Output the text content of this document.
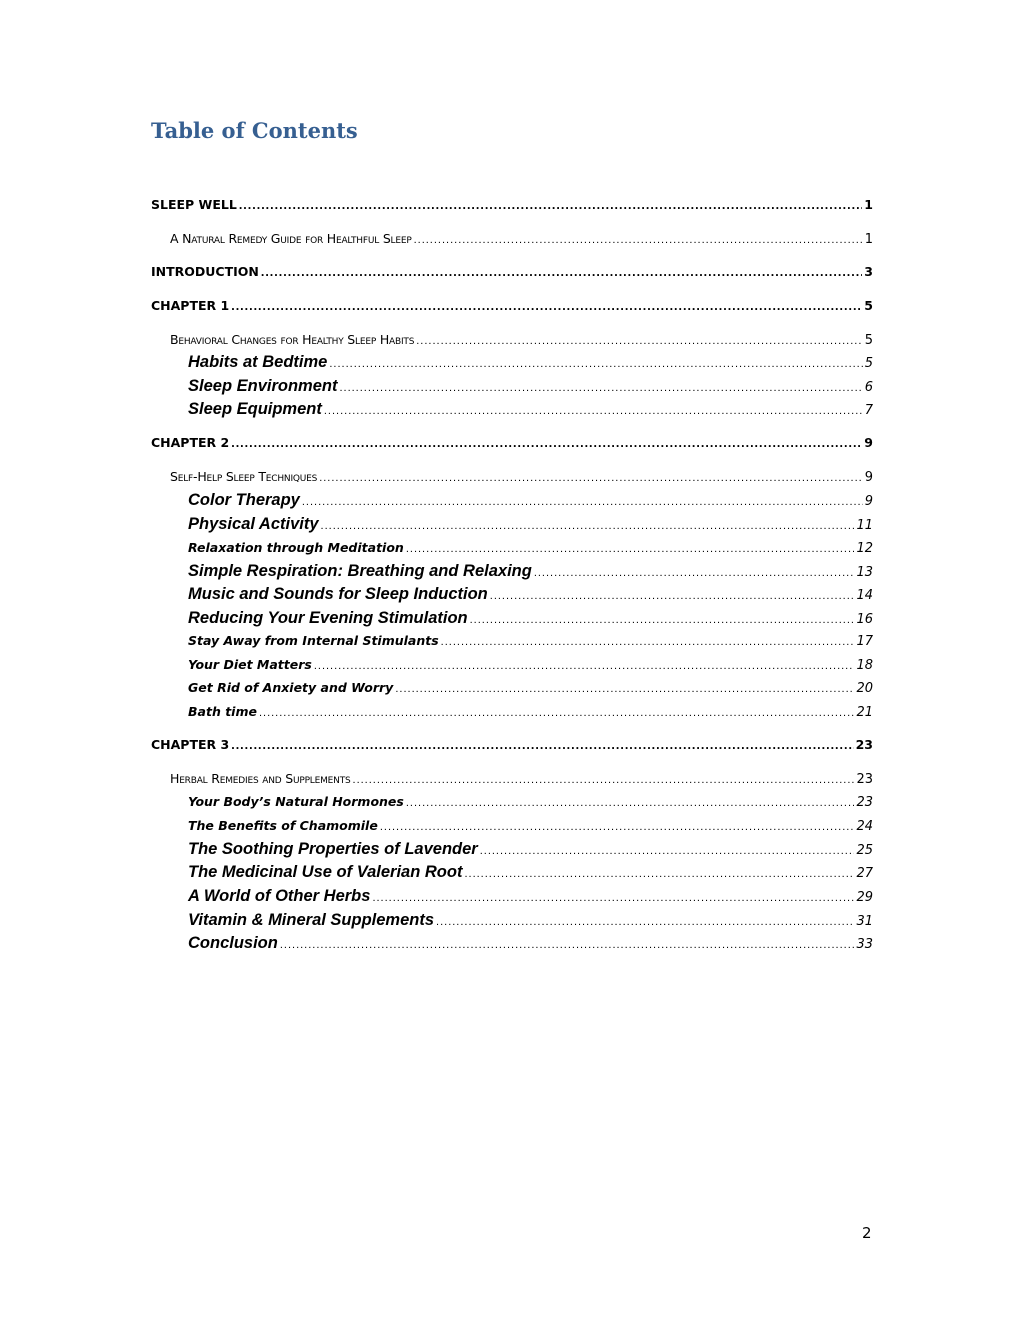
Table of Contents
SLEEP WELL .....	1
A Natural Remedy Guide for Healthful Sleep .....	1
INTRODUCTION .....	3
CHAPTER 1 .....	5
Behavioral Changes for Healthy Sleep Habits .....	5
Habits at Bedtime .....	5
Sleep Environment .....	6
Sleep Equipment .....	7
CHAPTER 2 .....	9
Self-Help Sleep Techniques .....	9
Color Therapy .....	9
Physical Activity .....	11
Relaxation through Meditation .....	12
Simple Respiration: Breathing and Relaxing .....	13
Music and Sounds for Sleep Induction .....	14
Reducing Your Evening Stimulation .....	16
Stay Away from Internal Stimulants .....	17
Your Diet Matters .....	18
Get Rid of Anxiety and Worry .....	20
Bath time .....	21
CHAPTER 3 .....	23
Herbal Remedies and Supplements .....	23
Your Body’s Natural Hormones .....	23
The Benefits of Chamomile .....	24
The Soothing Properties of Lavender .....	25
The Medicinal Use of Valerian Root .....	27
A World of Other Herbs .....	29
Vitamin & Mineral Supplements .....	31
Conclusion .....	33
2
